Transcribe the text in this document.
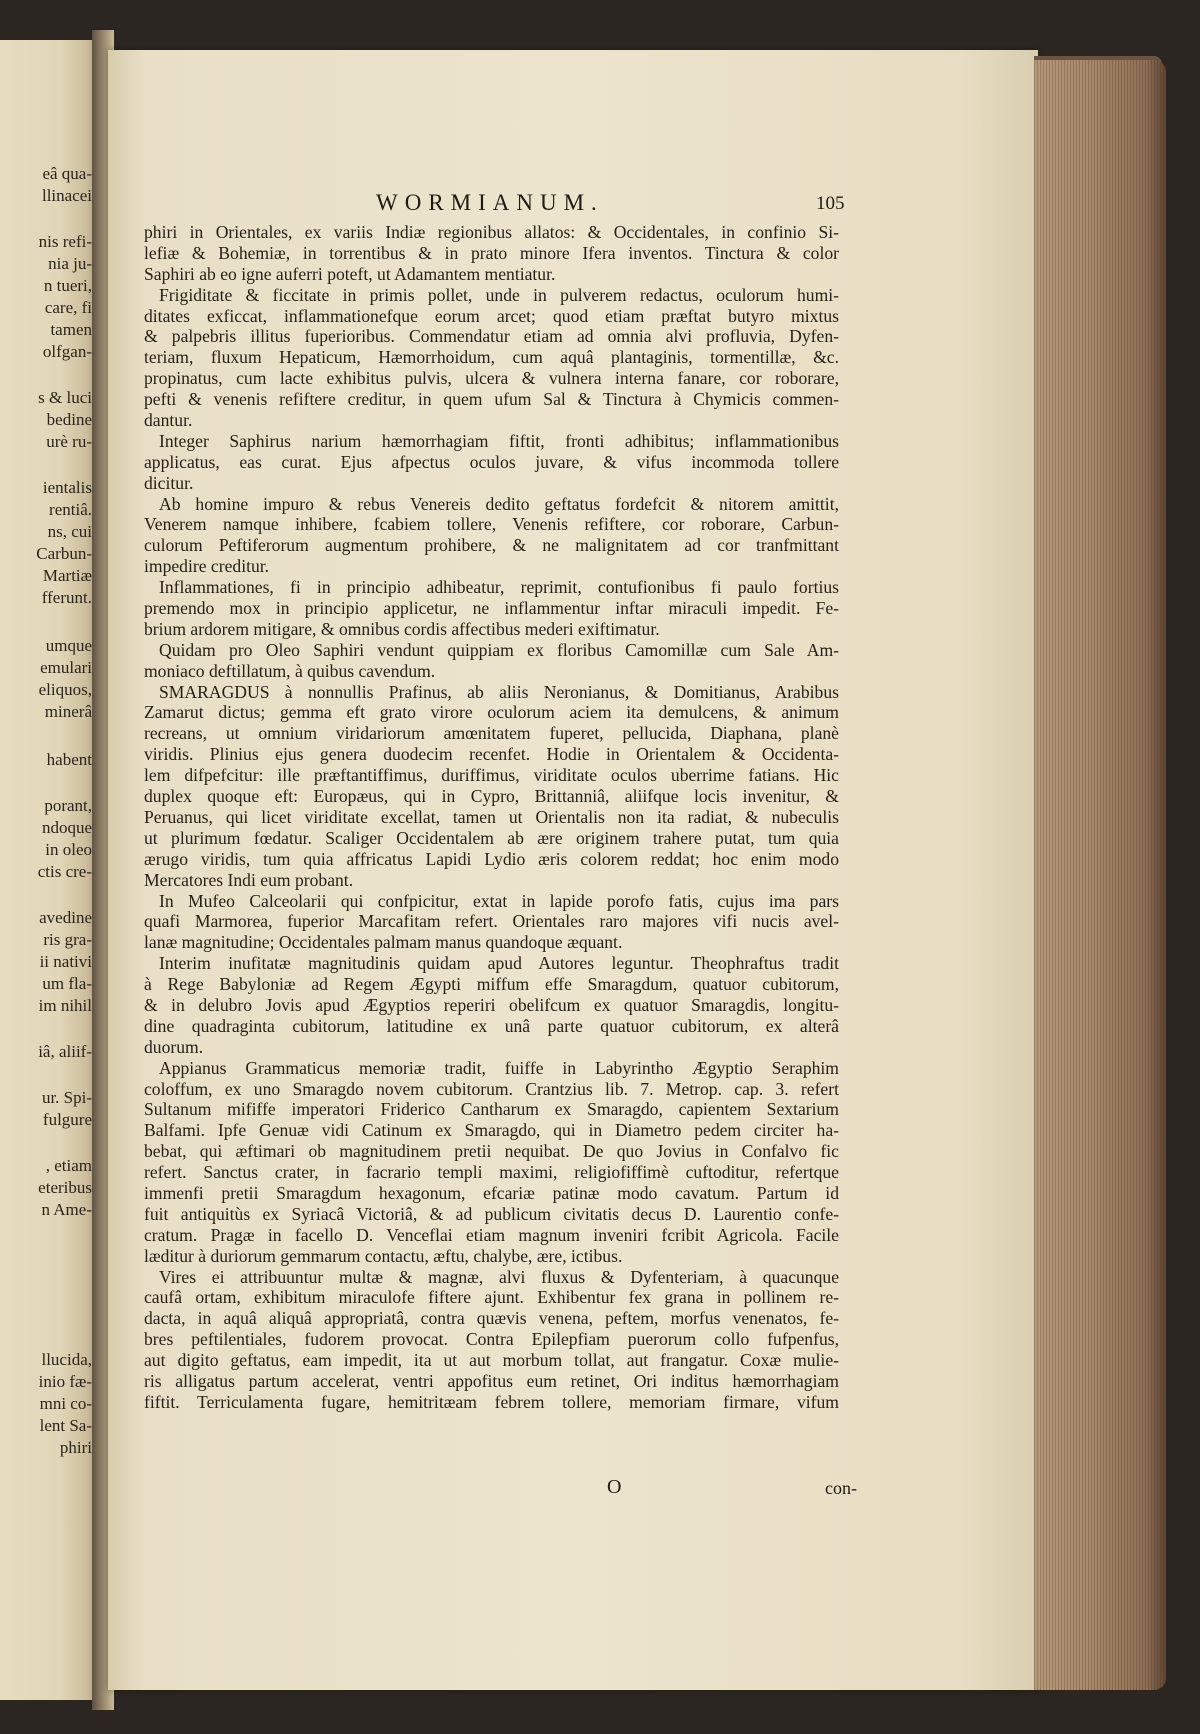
eâ qua-
llinacei
nis refi-
nia ju-
n tueri,
care, fi
tamen
olfgan-
s & luci
bedine
urè ru-
ientalis
rentiâ.
ns, cui
Carbun-
Martiæ
fferunt.
umque
emulari
eliquos,
minerâ
habent
porant,
ndoque
in oleo
ctis cre-
avedine
ris gra-
ii nativi
um fla-
im nihil
iâ, aliif-
ur. Spi-
fulgure
, etiam
eteribus
n Ame-
llucida,
inio fæ-
mni co-
lent Sa-
phiri
WORMIANUM.	105
phiri in Orientales, ex variis Indiæ regionibus allatos: & Occidentales, in confinio Si-
lefiæ & Bohemiæ, in torrentibus & in prato minore Ifera inventos. Tinctura & color
Saphiri ab eo igne auferri poteft, ut Adamantem mentiatur.
Frigiditate & ficcitate in primis pollet, unde in pulverem redactus, oculorum humi-
ditates exficcat, inflammationefque eorum arcet; quod etiam præftat butyro mixtus
& palpebris illitus fuperioribus. Commendatur etiam ad omnia alvi profluvia, Dyfen-
teriam, fluxum Hepaticum, Hæmorrhoidum, cum aquâ plantaginis, tormentillæ, &c.
propinatus, cum lacte exhibitus pulvis, ulcera & vulnera interna fanare, cor roborare,
pefti & venenis refiftere creditur, in quem ufum Sal & Tinctura à Chymicis commen-
dantur.
Integer Saphirus narium hæmorrhagiam fiftit, fronti adhibitus; inflammationibus
applicatus, eas curat. Ejus afpectus oculos juvare, & vifus incommoda tollere
dicitur.
Ab homine impuro & rebus Venereis dedito geftatus fordefcit & nitorem amittit,
Venerem namque inhibere, fcabiem tollere, Venenis refiftere, cor roborare, Carbun-
culorum Peftiferorum augmentum prohibere, & ne malignitatem ad cor tranfmittant
impedire creditur.
Inflammationes, fi in principio adhibeatur, reprimit, contufionibus fi paulo fortius
premendo mox in principio applicetur, ne inflammentur inftar miraculi impedit. Fe-
brium ardorem mitigare, & omnibus cordis affectibus mederi exiftimatur.
Quidam pro Oleo Saphiri vendunt quippiam ex floribus Camomillæ cum Sale Am-
moniaco deftillatum, à quibus cavendum.
SMARAGDUS à nonnullis Prafinus, ab aliis Neronianus, & Domitianus, Arabibus
Zamarut dictus; gemma eft grato virore oculorum aciem ita demulcens, & animum
recreans, ut omnium viridariorum amœnitatem fuperet, pellucida, Diaphana, planè
viridis. Plinius ejus genera duodecim recenfet. Hodie in Orientalem & Occidenta-
lem difpefcitur: ille præftantiffimus, duriffimus, viriditate oculos uberrime fatians. Hic
duplex quoque eft: Europæus, qui in Cypro, Brittanniâ, aliifque locis invenitur, &
Peruanus, qui licet viriditate excellat, tamen ut Orientalis non ita radiat, & nubeculis
ut plurimum fœdatur. Scaliger Occidentalem ab ære originem trahere putat, tum quia
ærugo viridis, tum quia affricatus Lapidi Lydio æris colorem reddat; hoc enim modo
Mercatores Indi eum probant.
In Mufeo Calceolarii qui confpicitur, extat in lapide porofo fatis, cujus ima pars
quafi Marmorea, fuperior Marcafitam refert. Orientales raro majores vifi nucis avel-
lanæ magnitudine; Occidentales palmam manus quandoque æquant.
Interim inufitatæ magnitudinis quidam apud Autores leguntur. Theophraftus tradit
à Rege Babyloniæ ad Regem Ægypti miffum effe Smaragdum, quatuor cubitorum,
& in delubro Jovis apud Ægyptios reperiri obelifcum ex quatuor Smaragdis, longitu-
dine quadraginta cubitorum, latitudine ex unâ parte quatuor cubitorum, ex alterâ
duorum.
Appianus Grammaticus memoriæ tradit, fuiffe in Labyrintho Ægyptio Seraphim
coloffum, ex uno Smaragdo novem cubitorum. Crantzius lib. 7. Metrop. cap. 3. refert
Sultanum mififfe imperatori Friderico Cantharum ex Smaragdo, capientem Sextarium
Balfami. Ipfe Genuæ vidi Catinum ex Smaragdo, qui in Diametro pedem circiter ha-
bebat, qui æftimari ob magnitudinem pretii nequibat. De quo Jovius in Confalvo fic
refert. Sanctus crater, in facrario templi maximi, religiofiffimè cuftoditur, refertque
immenfi pretii Smaragdum hexagonum, efcariæ patinæ modo cavatum. Partum id
fuit antiquitùs ex Syriacâ Victoriâ, & ad publicum civitatis decus D. Laurentio confe-
cratum. Pragæ in facello D. Venceflai etiam magnum inveniri fcribit Agricola. Facile
læditur à duriorum gemmarum contactu, æftu, chalybe, ære, ictibus.
Vires ei attribuuntur multæ & magnæ, alvi fluxus & Dyfenteriam, à quacunque
caufâ ortam, exhibitum miraculofe fiftere ajunt. Exhibentur fex grana in pollinem re-
dacta, in aquâ aliquâ appropriatâ, contra quævis venena, peftem, morfus venenatos, fe-
bres peftilentiales, fudorem provocat. Contra Epilepfiam puerorum collo fufpenfus,
aut digito geftatus, eam impedit, ita ut aut morbum tollat, aut frangatur. Coxæ mulie-
ris alligatus partum accelerat, ventri appofitus eum retinet, Ori inditus hæmorrhagiam
fiftit. Terriculamenta fugare, hemitritæam febrem tollere, memoriam firmare, vifum
O	con-
